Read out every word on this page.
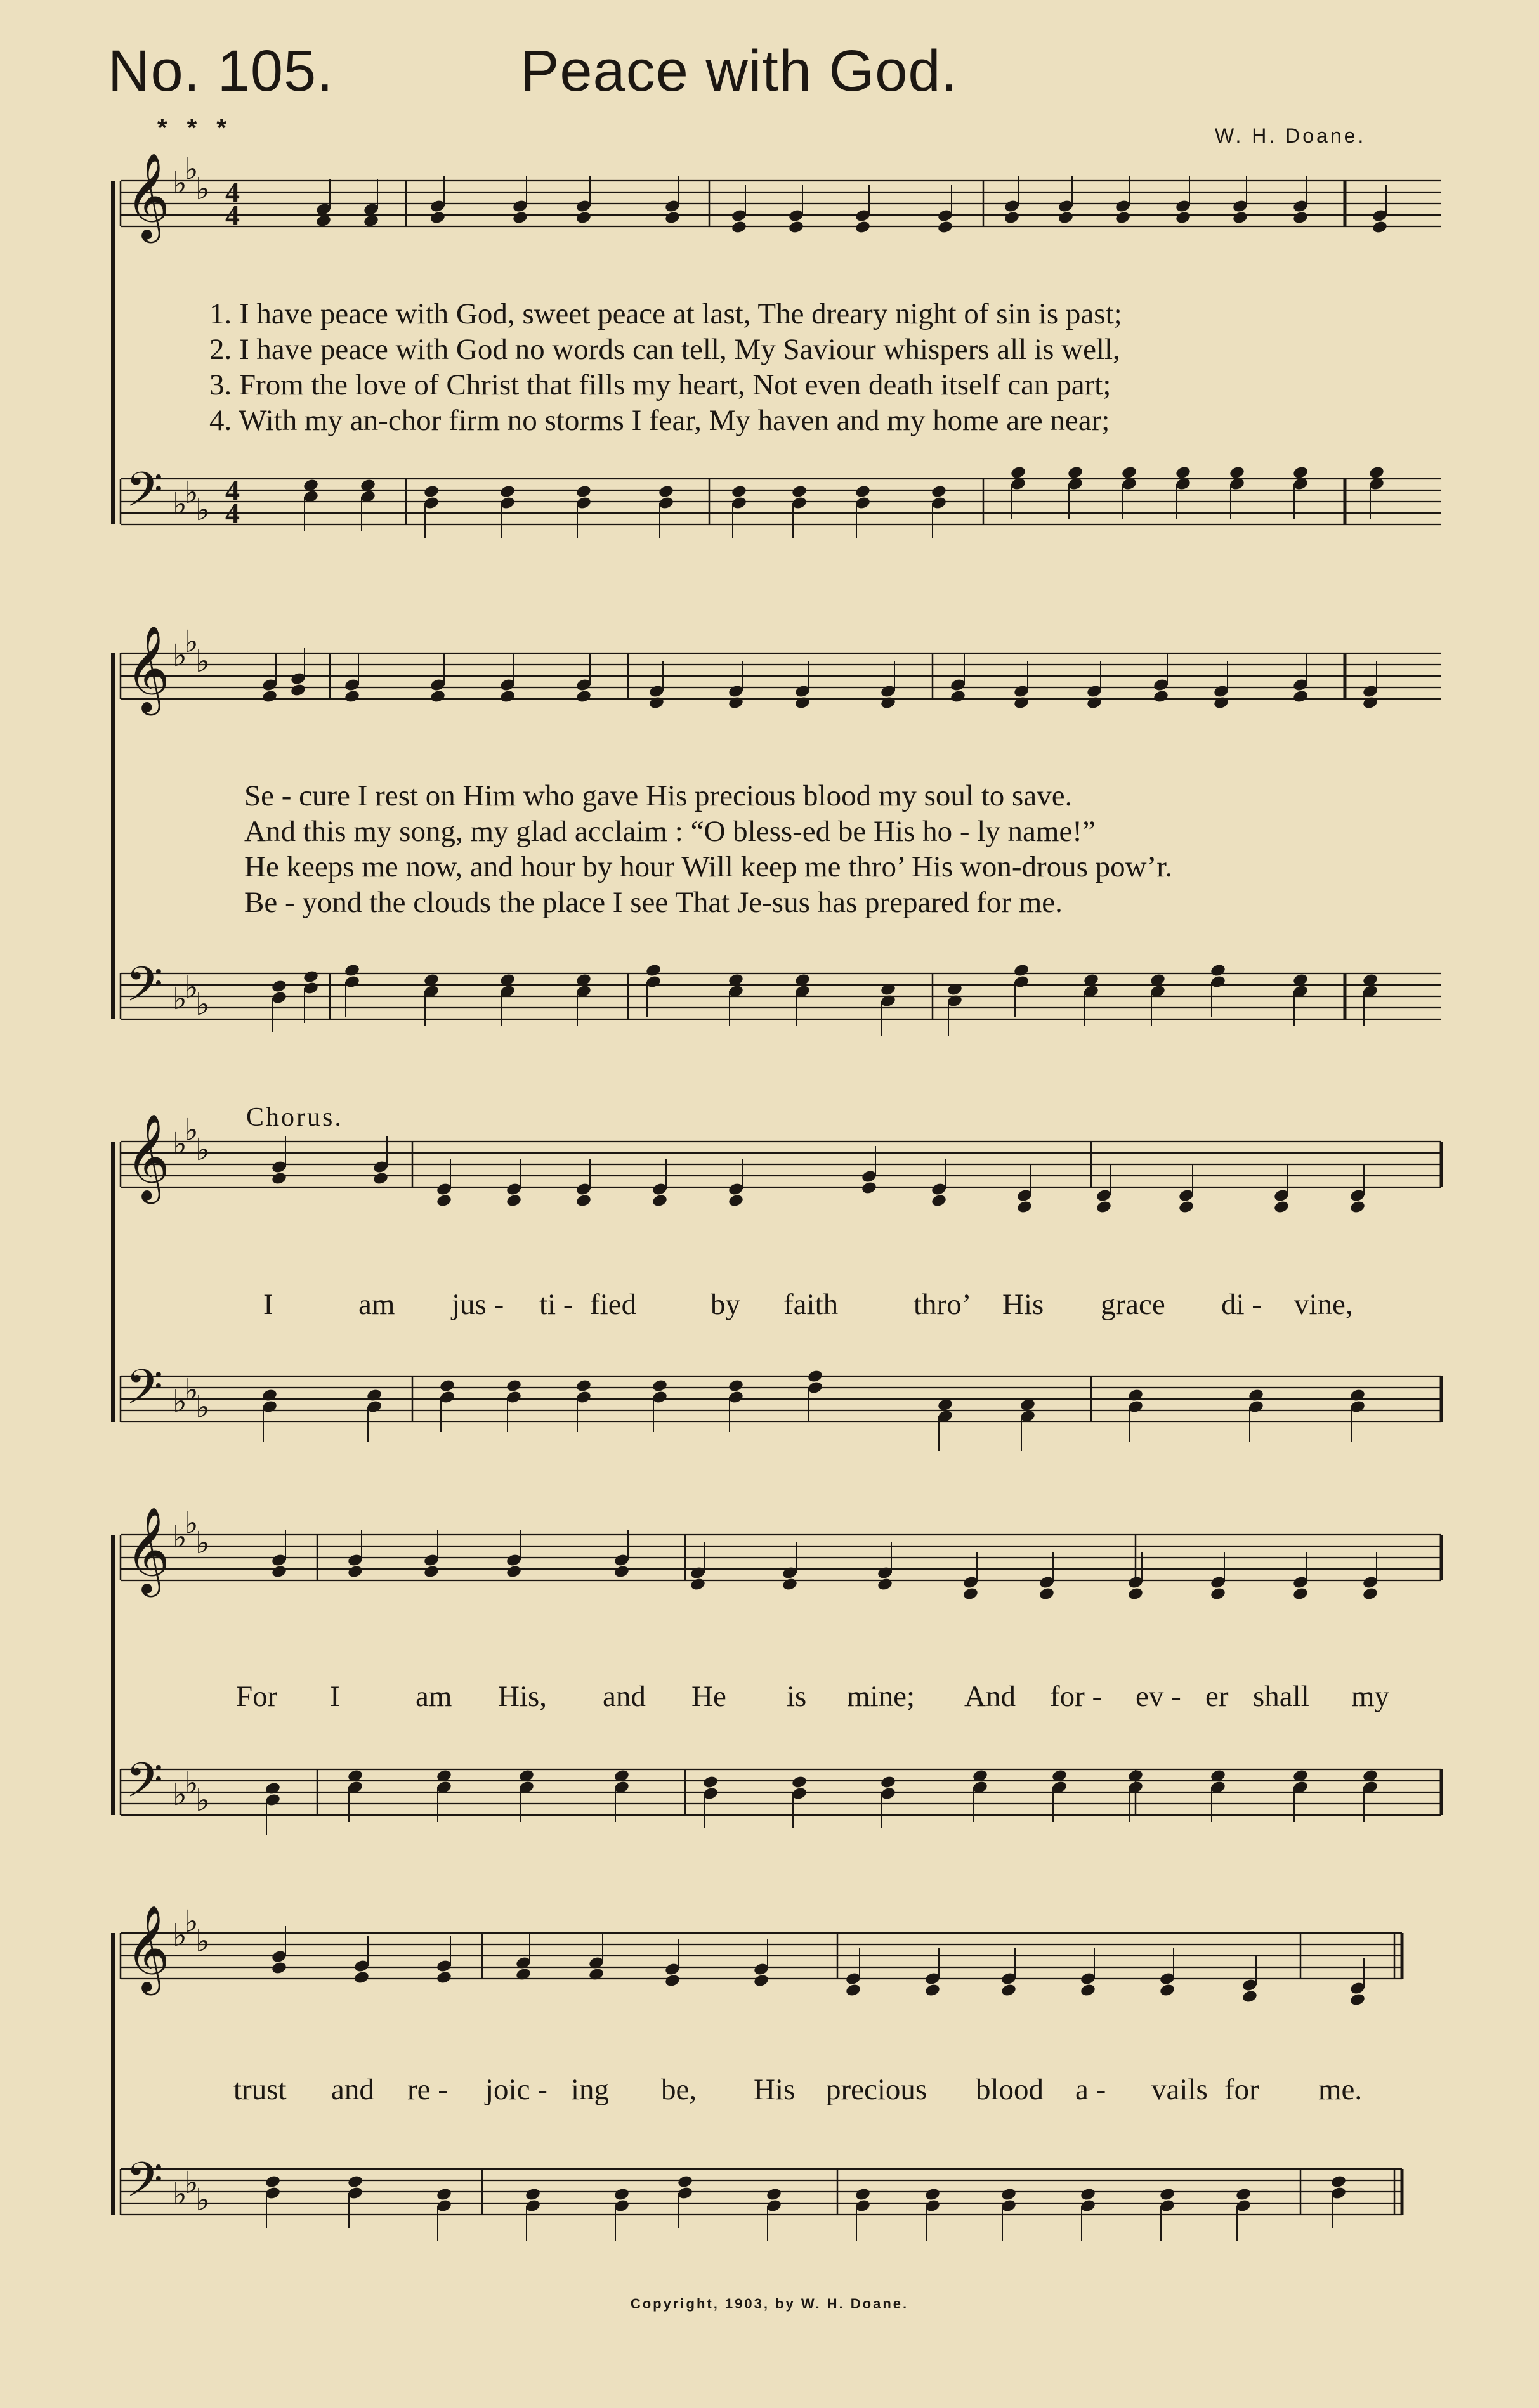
No. 105.	Peace with God.
* * *	W. H. Doane.
𝄞
𝄢
♭
♭
♭
♭
♭
♭
4
4
4
4
𝄞
𝄢
♭
♭
♭
♭
♭
♭
𝄞
𝄢
♭
♭
♭
♭
♭
♭
𝄞
𝄢
♭
♭
♭
♭
♭
♭
𝄞
𝄢
♭
♭
♭
♭
♭
♭
1. I have peace with God, sweet peace at last, The dreary night of sin is past;
2. I have peace with God no words can tell, My Saviour whispers all is well,
3. From the love of Christ that fills my heart, Not even death itself can part;
4. With my an-chor firm no storms I fear, My haven and my home are near;
Se - cure I rest on Him who gave His precious blood my soul to save.
And this my song, my glad acclaim : “O bless-ed be His ho - ly name!”
He keeps me now, and hour by hour Will keep me thro’ His won-drous pow’r.
Be - yond the clouds the place I see That Je-sus has prepared for me.
Chorus.
I	am jus - ti - fied by faith	thro’ His grace di - vine,
For I	am His, and He is mine; And for - ev - er shall my
trust and re - joic - ing be, His precious blood a - vails for me.
Copyright, 1903, by W. H. Doane.
